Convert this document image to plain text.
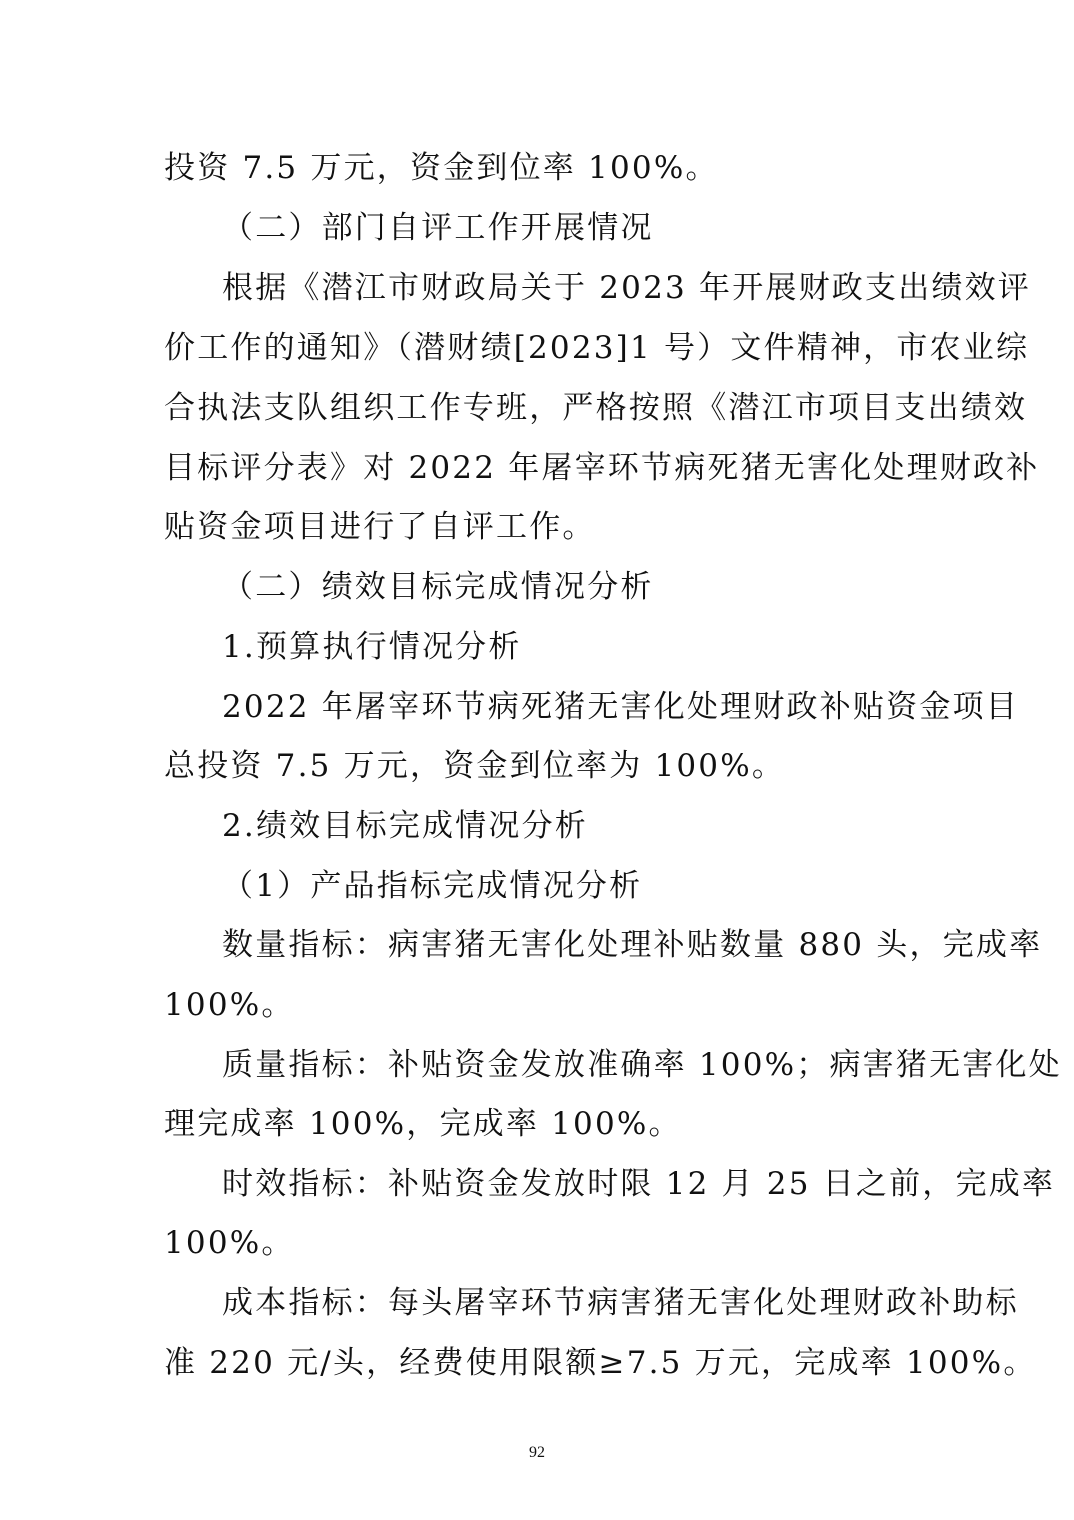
投资 7.5 万元，资金到位率 100%。
（二）部门自评工作开展情况
根据《潜江市财政局关于 2023 年开展财政支出绩效评
价工作的通知》（潜财绩[2023]1 号）文件精神，市农业综
合执法支队组织工作专班，严格按照《潜江市项目支出绩效
目标评分表》对 2022 年屠宰环节病死猪无害化处理财政补
贴资金项目进行了自评工作。
（二）绩效目标完成情况分析
1.预算执行情况分析
2022 年屠宰环节病死猪无害化处理财政补贴资金项目
总投资 7.5 万元，资金到位率为 100%。
2.绩效目标完成情况分析
（1）产品指标完成情况分析
数量指标：病害猪无害化处理补贴数量 880 头，完成率
100%。
质量指标：补贴资金发放准确率 100%；病害猪无害化处
理完成率 100%，完成率 100%。
时效指标：补贴资金发放时限 12 月 25 日之前，完成率
100%。
成本指标：每头屠宰环节病害猪无害化处理财政补助标
准 220 元/头，经费使用限额≥7.5 万元，完成率 100%。
92
